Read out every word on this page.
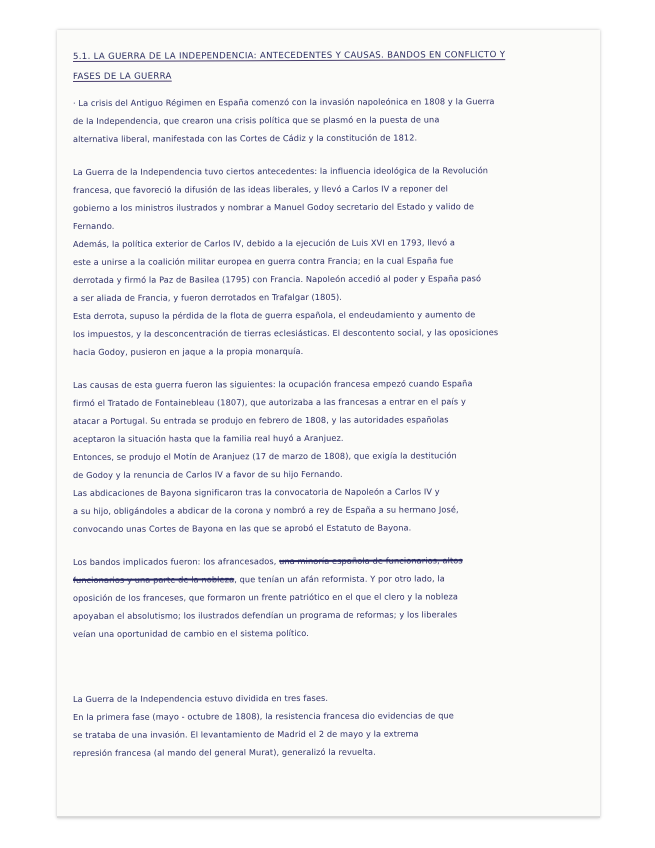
5.1. LA GUERRA DE LA INDEPENDENCIA: ANTECEDENTES Y CAUSAS. BANDOS EN CONFLICTO Y
FASES DE LA GUERRA
· La crisis del Antiguo Régimen en España comenzó con la invasión napoleónica en 1808 y la Guerra
de la Independencia, que crearon una crisis política que se plasmó en la puesta de una
alternativa liberal, manifestada con las Cortes de Cádiz y la constitución de 1812.
La Guerra de la Independencia tuvo ciertos antecedentes: la influencia ideológica de la Revolución
francesa, que favoreció la difusión de las ideas liberales, y llevó a Carlos IV a reponer del
gobierno a los ministros ilustrados y nombrar a Manuel Godoy secretario del Estado y valido de
Fernando.
Además, la política exterior de Carlos IV, debido a la ejecución de Luis XVI en 1793, llevó a
este a unirse a la coalición militar europea en guerra contra Francia; en la cual España fue
derrotada y firmó la Paz de Basilea (1795) con Francia. Napoleón accedió al poder y España pasó
a ser aliada de Francia, y fueron derrotados en Trafalgar (1805).
Esta derrota, supuso la pérdida de la flota de guerra española, el endeudamiento y aumento de
los impuestos, y la desconcentración de tierras eclesiásticas. El descontento social, y las oposiciones
hacia Godoy, pusieron en jaque a la propia monarquía.
Las causas de esta guerra fueron las siguientes: la ocupación francesa empezó cuando España
firmó el Tratado de Fontainebleau (1807), que autorizaba a las francesas a entrar en el país y
atacar a Portugal. Su entrada se produjo en febrero de 1808, y las autoridades españolas
aceptaron la situación hasta que la familia real huyó a Aranjuez.
Entonces, se produjo el Motín de Aranjuez (17 de marzo de 1808), que exigía la destitución
de Godoy y la renuncia de Carlos IV a favor de su hijo Fernando.
Las abdicaciones de Bayona significaron tras la convocatoria de Napoleón a Carlos IV y
a su hijo, obligándoles a abdicar de la corona y nombró a rey de España a su hermano José,
convocando unas Cortes de Bayona en las que se aprobó el Estatuto de Bayona.
Los bandos implicados fueron: los afrancesados, una minoría española de funcionarios, altos
funcionarios y una parte de la nobleza, que tenían un afán reformista. Y por otro lado, la
oposición de los franceses, que formaron un frente patriótico en el que el clero y la nobleza
apoyaban el absolutismo; los ilustrados defendían un programa de reformas; y los liberales
veían una oportunidad de cambio en el sistema político.
La Guerra de la Independencia estuvo dividida en tres fases.
En la primera fase (mayo - octubre de 1808), la resistencia francesa dio evidencias de que
se trataba de una invasión. El levantamiento de Madrid el 2 de mayo y la extrema
represión francesa (al mando del general Murat), generalizó la revuelta.
